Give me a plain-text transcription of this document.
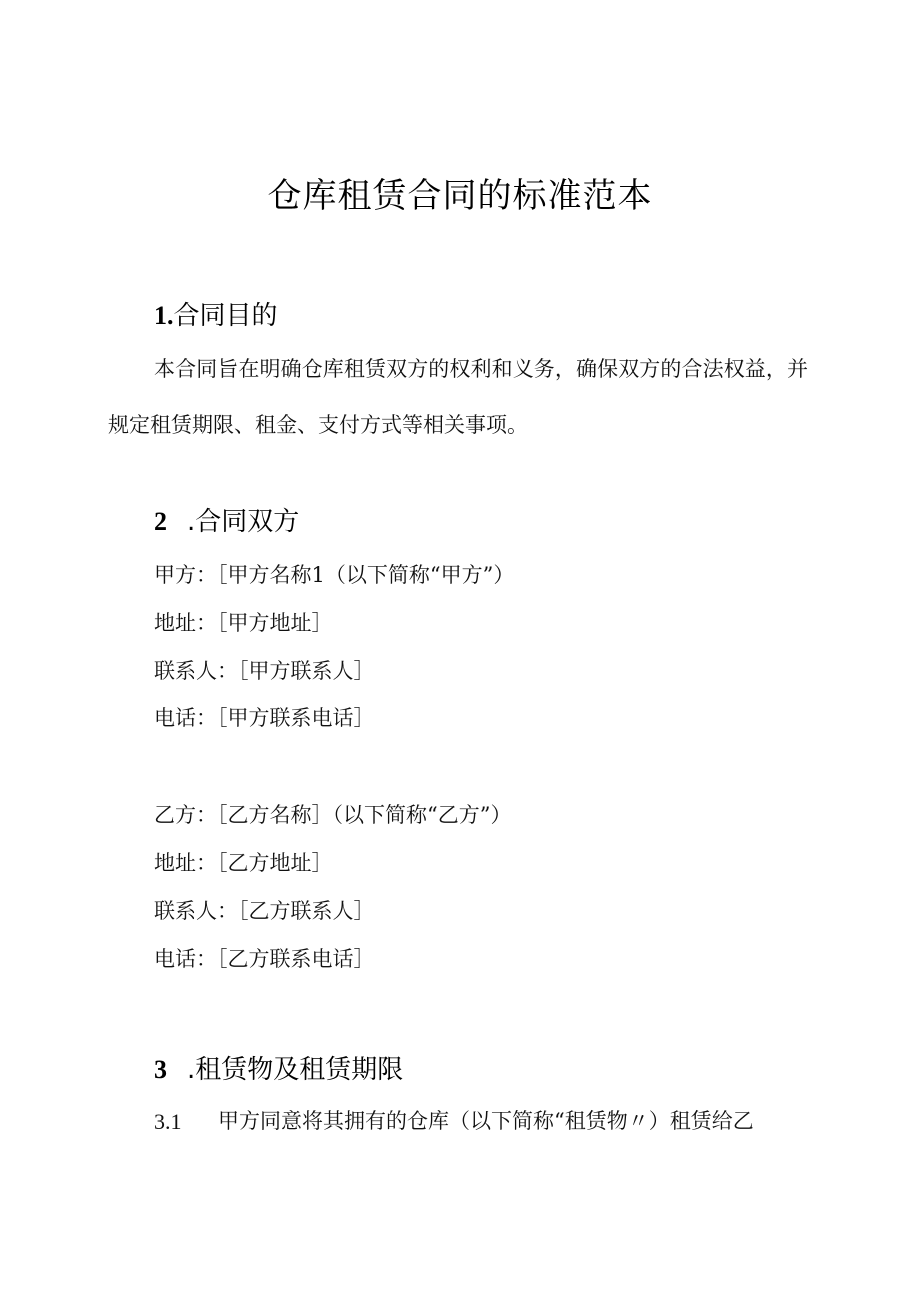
仓库租赁合同的标准范本
1.合同目的
本合同旨在明确仓库租赁双方的权利和义务，确保双方的合法权益，并规定租赁期限、租金、支付方式等相关事项。
2 .合同双方
甲方：［甲方名称1（以下简称“甲方”）
地址：［甲方地址］
联系人：［甲方联系人］
电话：［甲方联系电话］
乙方：［乙方名称］（以下简称“乙方”）
地址：［乙方地址］
联系人：［乙方联系人］
电话：［乙方联系电话］
3 .租赁物及租赁期限
3.1 甲方同意将其拥有的仓库（以下简称“租赁物〃）租赁给乙
